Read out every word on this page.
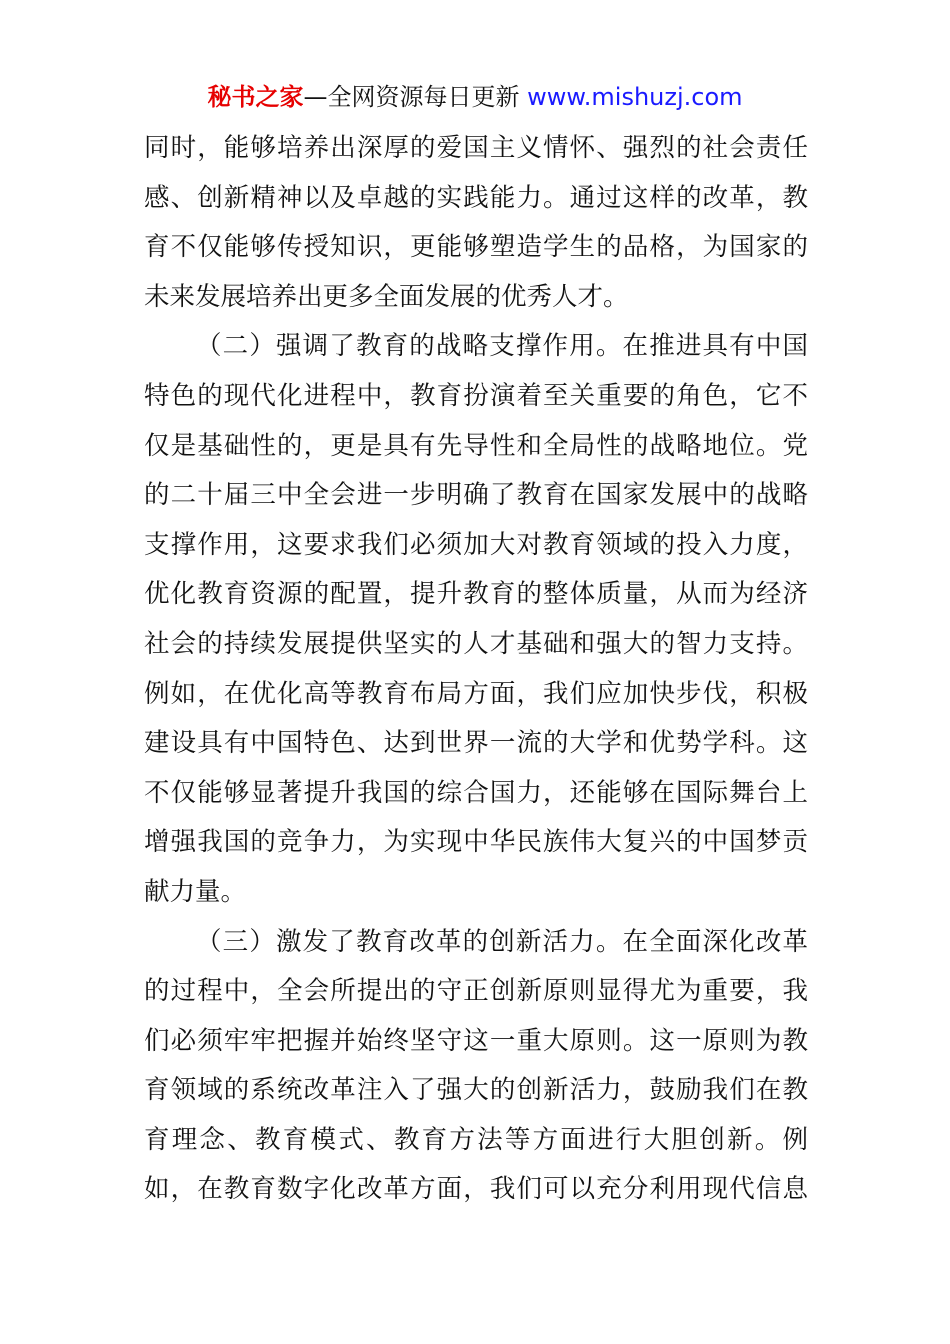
秘书之家—全网资源每日更新 www.mishuzj.com
同时，能够培养出深厚的爱国主义情怀、强烈的社会责任
感、创新精神以及卓越的实践能力。通过这样的改革，教
育不仅能够传授知识，更能够塑造学生的品格，为国家的
未来发展培养出更多全面发展的优秀人才。
（二）强调了教育的战略支撑作用。在推进具有中国
特色的现代化进程中，教育扮演着至关重要的角色，它不
仅是基础性的，更是具有先导性和全局性的战略地位。党
的二十届三中全会进一步明确了教育在国家发展中的战略
支撑作用，这要求我们必须加大对教育领域的投入力度，
优化教育资源的配置，提升教育的整体质量，从而为经济
社会的持续发展提供坚实的人才基础和强大的智力支持。
例如，在优化高等教育布局方面，我们应加快步伐，积极
建设具有中国特色、达到世界一流的大学和优势学科。这
不仅能够显著提升我国的综合国力，还能够在国际舞台上
增强我国的竞争力，为实现中华民族伟大复兴的中国梦贡
献力量。
（三）激发了教育改革的创新活力。在全面深化改革
的过程中，全会所提出的守正创新原则显得尤为重要，我
们必须牢牢把握并始终坚守这一重大原则。这一原则为教
育领域的系统改革注入了强大的创新活力，鼓励我们在教
育理念、教育模式、教育方法等方面进行大胆创新。例
如，在教育数字化改革方面，我们可以充分利用现代信息
